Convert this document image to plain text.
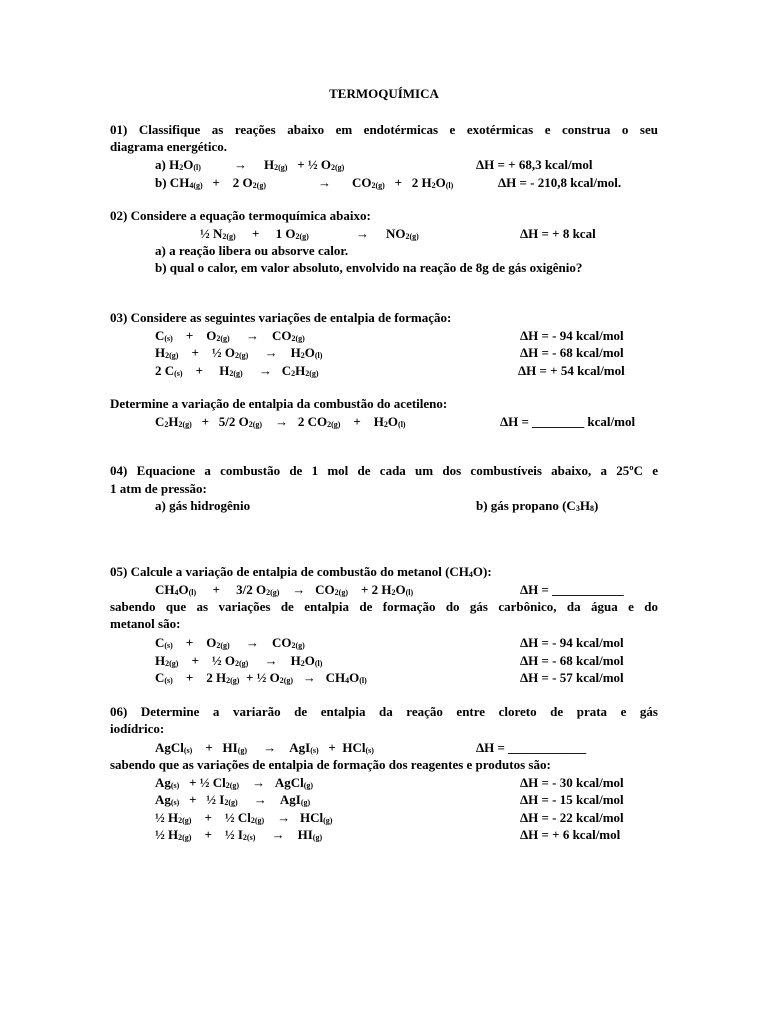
TERMOQUÍMICA
01) Classifique as reações abaixo em endotérmicas e exotérmicas e construa o seu
diagrama energético.
a) $H_2O_{(l)}$	→ $H_{2(g)}$   + ½ $O_{2(g)}$	ΔH = + 68,3 kcal/mol
b) $CH_{4(g)}$   +    2 $O_{2(g)}$	→ $CO_{2(g)} + 2$ $H_2O_{(l)}$	ΔH = - 210,8 kcal/mol.
02) Considere a equação termoquímica abaixo:
½ $N_{2(g)}$     +     1 $O_{2(g)}$	→ $NO_{2(g)}$	ΔH = + 8 kcal
a) a reação libera ou absorve calor.
b) qual o calor, em valor absoluto, envolvido na reação de 8g de gás oxigênio?
03) Considere as seguintes variações de entalpia de formação:
$C_{(s)}$    +    $O_{2(g)}$ →    $CO_{2(g)}$	ΔH = - 94 kcal/mol
$H_{2(g)}$    +    ½ $O_{2(g)}$ →    $H_2O_{(l)}$	ΔH = - 68 kcal/mol
2 $C_{(s)}$    +     $H_{2(g)} \to C_2H_{2(g)}$	ΔH = + 54 kcal/mol
Determine a variação de entalpia da combustão do acetileno:
$C_2H_{2(g)} + 5/2$ $O_{2(g)} \to 2$ $CO_{2(g)}$    +    $H_2O_{(l)}$	ΔH = ________ kcal/mol
04) Equacione a combustão de 1 mol de cada um dos combustíveis abaixo, a 25ºC e
1 atm de pressão:
a) gás hidrogênio	b) gás propano $(C_3H_8)$
05) Calcule a variação de entalpia de combustão do metanol $(CH_4O)$:
$CH_4O_{(l)}$     +     3/2 $O_{2(g)} \to CO_{2(g)}$    + 2 $H_2O_{(l)}$	ΔH = ___________
sabendo que as variações de entalpia de formação do gás carbônico, da água e do
metanol são:
$C_{(s)}$    +    $O_{2(g)}$ →    $CO_{2(g)}$	ΔH = - 94 kcal/mol
$H_{2(g)}$    +    ½ $O_{2(g)}$ →    $H_2O_{(l)}$	ΔH = - 68 kcal/mol
$C_{(s)}$    +    2 $H_{2(g)}$  + ½ $O_{2(g)} \to CH_4O_{(l)}$	ΔH = - 57 kcal/mol
06) Determine a variarão de entalpia da reação entre cloreto de prata e gás
iodídrico:
AgCl$_{(s)}$    +   $HI_{(g)}$ →    AgI$_{(s)}$   +  HCl$_{(s)}$	ΔH = ____________
sabendo que as variações de entalpia de formação dos reagentes e produtos são:
$Ag_{(s)}$   + ½ $Cl_{2(g)}$ →   AgCl$_{(g)}$	ΔH = - 30 kcal/mol
$Ag_{(s)}$   +   ½ $I_{2(g)}$ →    AgI$_{(g)}$	ΔH = - 15 kcal/mol
½ $H_{2(g)}$    +    ½ $Cl_{2(g)} \to HCl_{(g)}$	ΔH = - 22 kcal/mol
½ $H_{2(g)}$    +    ½ $I_{2(s)}$ →    $HI_{(g)}$	ΔH = + 6 kcal/mol
